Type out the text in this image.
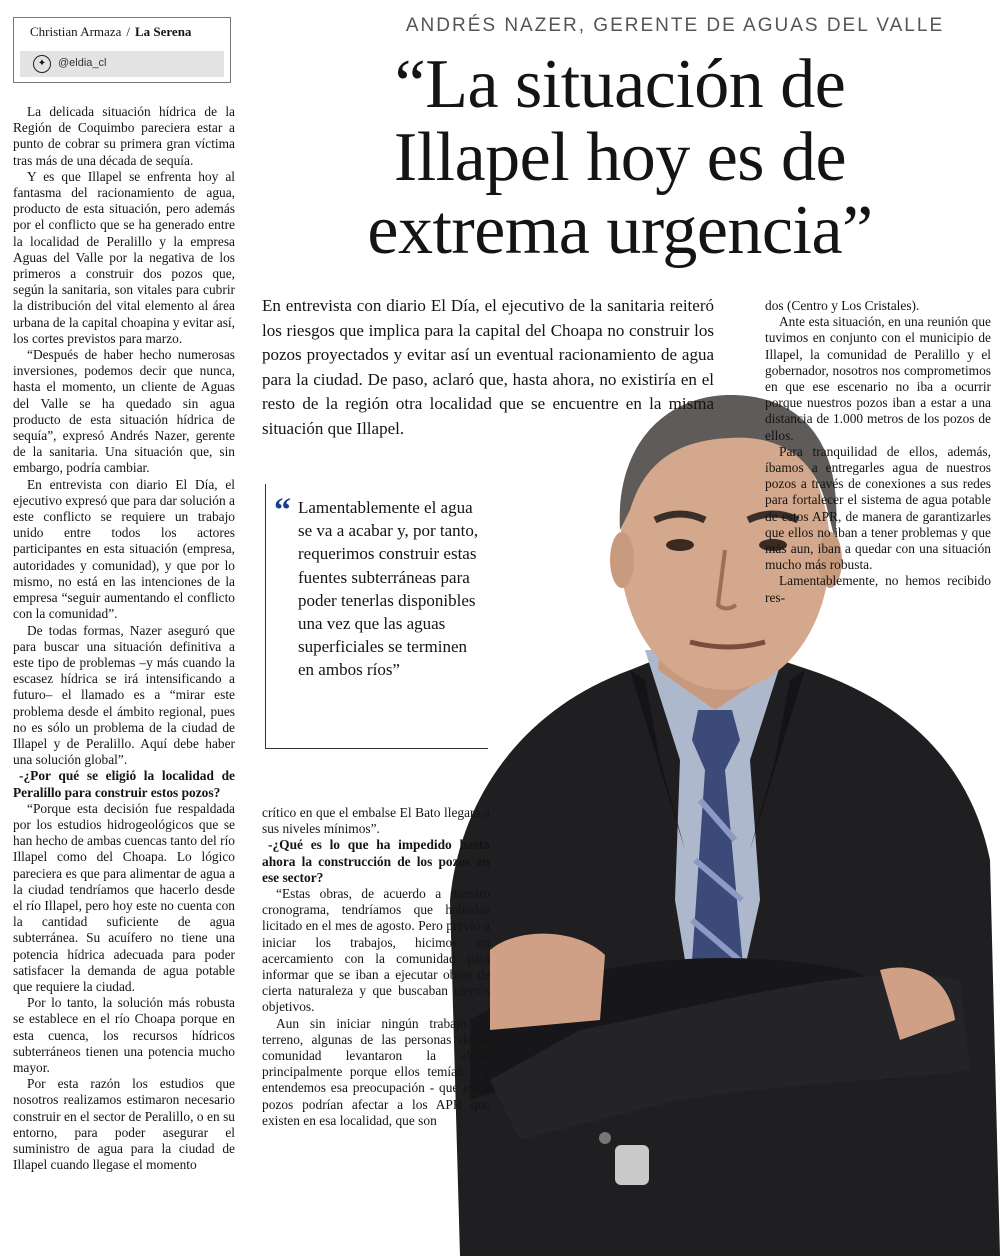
Christian Armaza / La Serena
✦	@eldia_cl
ANDRÉS NAZER, GERENTE DE AGUAS DEL VALLE
“La situación de Illapel hoy es de extrema urgencia”

La delicada situación hídrica de la Región de Coquimbo pareciera estar a punto de cobrar su primera gran víctima tras más de una década de sequía.

Y es que Illapel se enfrenta hoy al fantasma del racionamiento de agua, producto de esta situación, pero además por el conflicto que se ha generado entre la localidad de Peralillo y la empresa Aguas del Valle por la negativa de los primeros a construir dos pozos que, según la sanitaria, son vitales para cubrir la distribución del vital elemento al área urbana de la capital choapina y evitar así, los cortes previstos para marzo.

“Después de haber hecho numerosas inversiones, podemos decir que nunca, hasta el momento, un cliente de Aguas del Valle se ha quedado sin agua producto de esta situación hídrica de sequía”, expresó Andrés Nazer, gerente de la sanitaria. Una situación que, sin embargo, podría cambiar.

En entrevista con diario El Día, el ejecutivo expresó que para dar solución a este conflicto se requiere un trabajo unido entre todos los actores participantes en esta situación (empresa, autoridades y comunidad), y que por lo mismo, no está en las intenciones de la empresa “seguir aumentando el conflicto con la comunidad”.

De todas formas, Nazer aseguró que para buscar una situación definitiva a este tipo de problemas –y más cuando la escasez hídrica se irá intensificando a futuro– el llamado es a “mirar este problema desde el ámbito regional, pues no es sólo un problema de la ciudad de Illapel y de Peralillo. Aquí debe haber una solución global”.

-¿Por qué se eligió la localidad de Peralillo para construir estos pozos?

“Porque esta decisión fue respaldada por los estudios hidrogeológicos que se han hecho de ambas cuencas tanto del río Illapel como del Choapa. Lo lógico pareciera es que para alimentar de agua a la ciudad tendríamos que hacerlo desde el río Illapel, pero hoy este no cuenta con la cantidad suficiente de agua subterránea. Su acuífero no tiene una potencia hídrica adecuada para poder satisfacer la demanda de agua potable que requiere la ciudad.

Por lo tanto, la solución más robusta se establece en el río Choapa porque en esta cuenca, los recursos hídricos subterráneos tienen una potencia mucho mayor.

Por esta razón los estudios que nosotros realizamos estimaron necesario construir en el sector de Peralillo, o en su entorno, para poder asegurar el suministro de agua para la ciudad de Illapel cuando llegase el momento

En entrevista con diario El Día, el ejecutivo de la sanitaria reiteró los riesgos que implica para la capital del Choapa no construir los pozos proyectados y evitar así un eventual racionamiento de agua para la ciudad. De paso, aclaró que, hasta ahora, no existiría en el resto de la región otra localidad que se encuentre en la misma situación que Illapel.

“ Lamentablemente el agua se va a acabar y, por tanto, requerimos construir estas fuentes subterráneas para poder tenerlas disponibles una vez que las aguas superficiales se terminen en ambos ríos”

crítico en que el embalse El Bato llegara a sus niveles mínimos”.

-¿Qué es lo que ha impedido hasta ahora la construcción de los pozos en ese sector?

“Estas obras, de acuerdo a nuestro cronograma, tendríamos que haberlas licitado en el mes de agosto. Pero previo a iniciar los trabajos, hicimos un acercamiento con la comunidad para informar que se iban a ejecutar obras de cierta naturaleza y que buscaban ciertos objetivos.

Aun sin iniciar ningún trabajo en terreno, algunas de las personas de la comunidad levantaron la alerta principalmente porque ellos temían - y entendemos esa preocupación - que estos pozos podrían afectar a los APR que existen en esa localidad, que son

dos (Centro y Los Cristales).

Ante esta situación, en una reunión que tuvimos en conjunto con el municipio de Illapel, la comunidad de Peralillo y el gobernador, nosotros nos comprometimos en que ese escenario no iba a ocurrir porque nuestros pozos iban a estar a una distancia de 1.000 metros de los pozos de ellos.

Para tranquilidad de ellos, además, íbamos a entregarles agua de nuestros pozos a través de conexiones a sus redes para fortalecer el sistema de agua potable de estos APR, de manera de garantizarles que ellos no iban a tener problemas y que más aun, iban a quedar con una situación mucho más robusta.

Lamentablemente, no hemos recibido res-
